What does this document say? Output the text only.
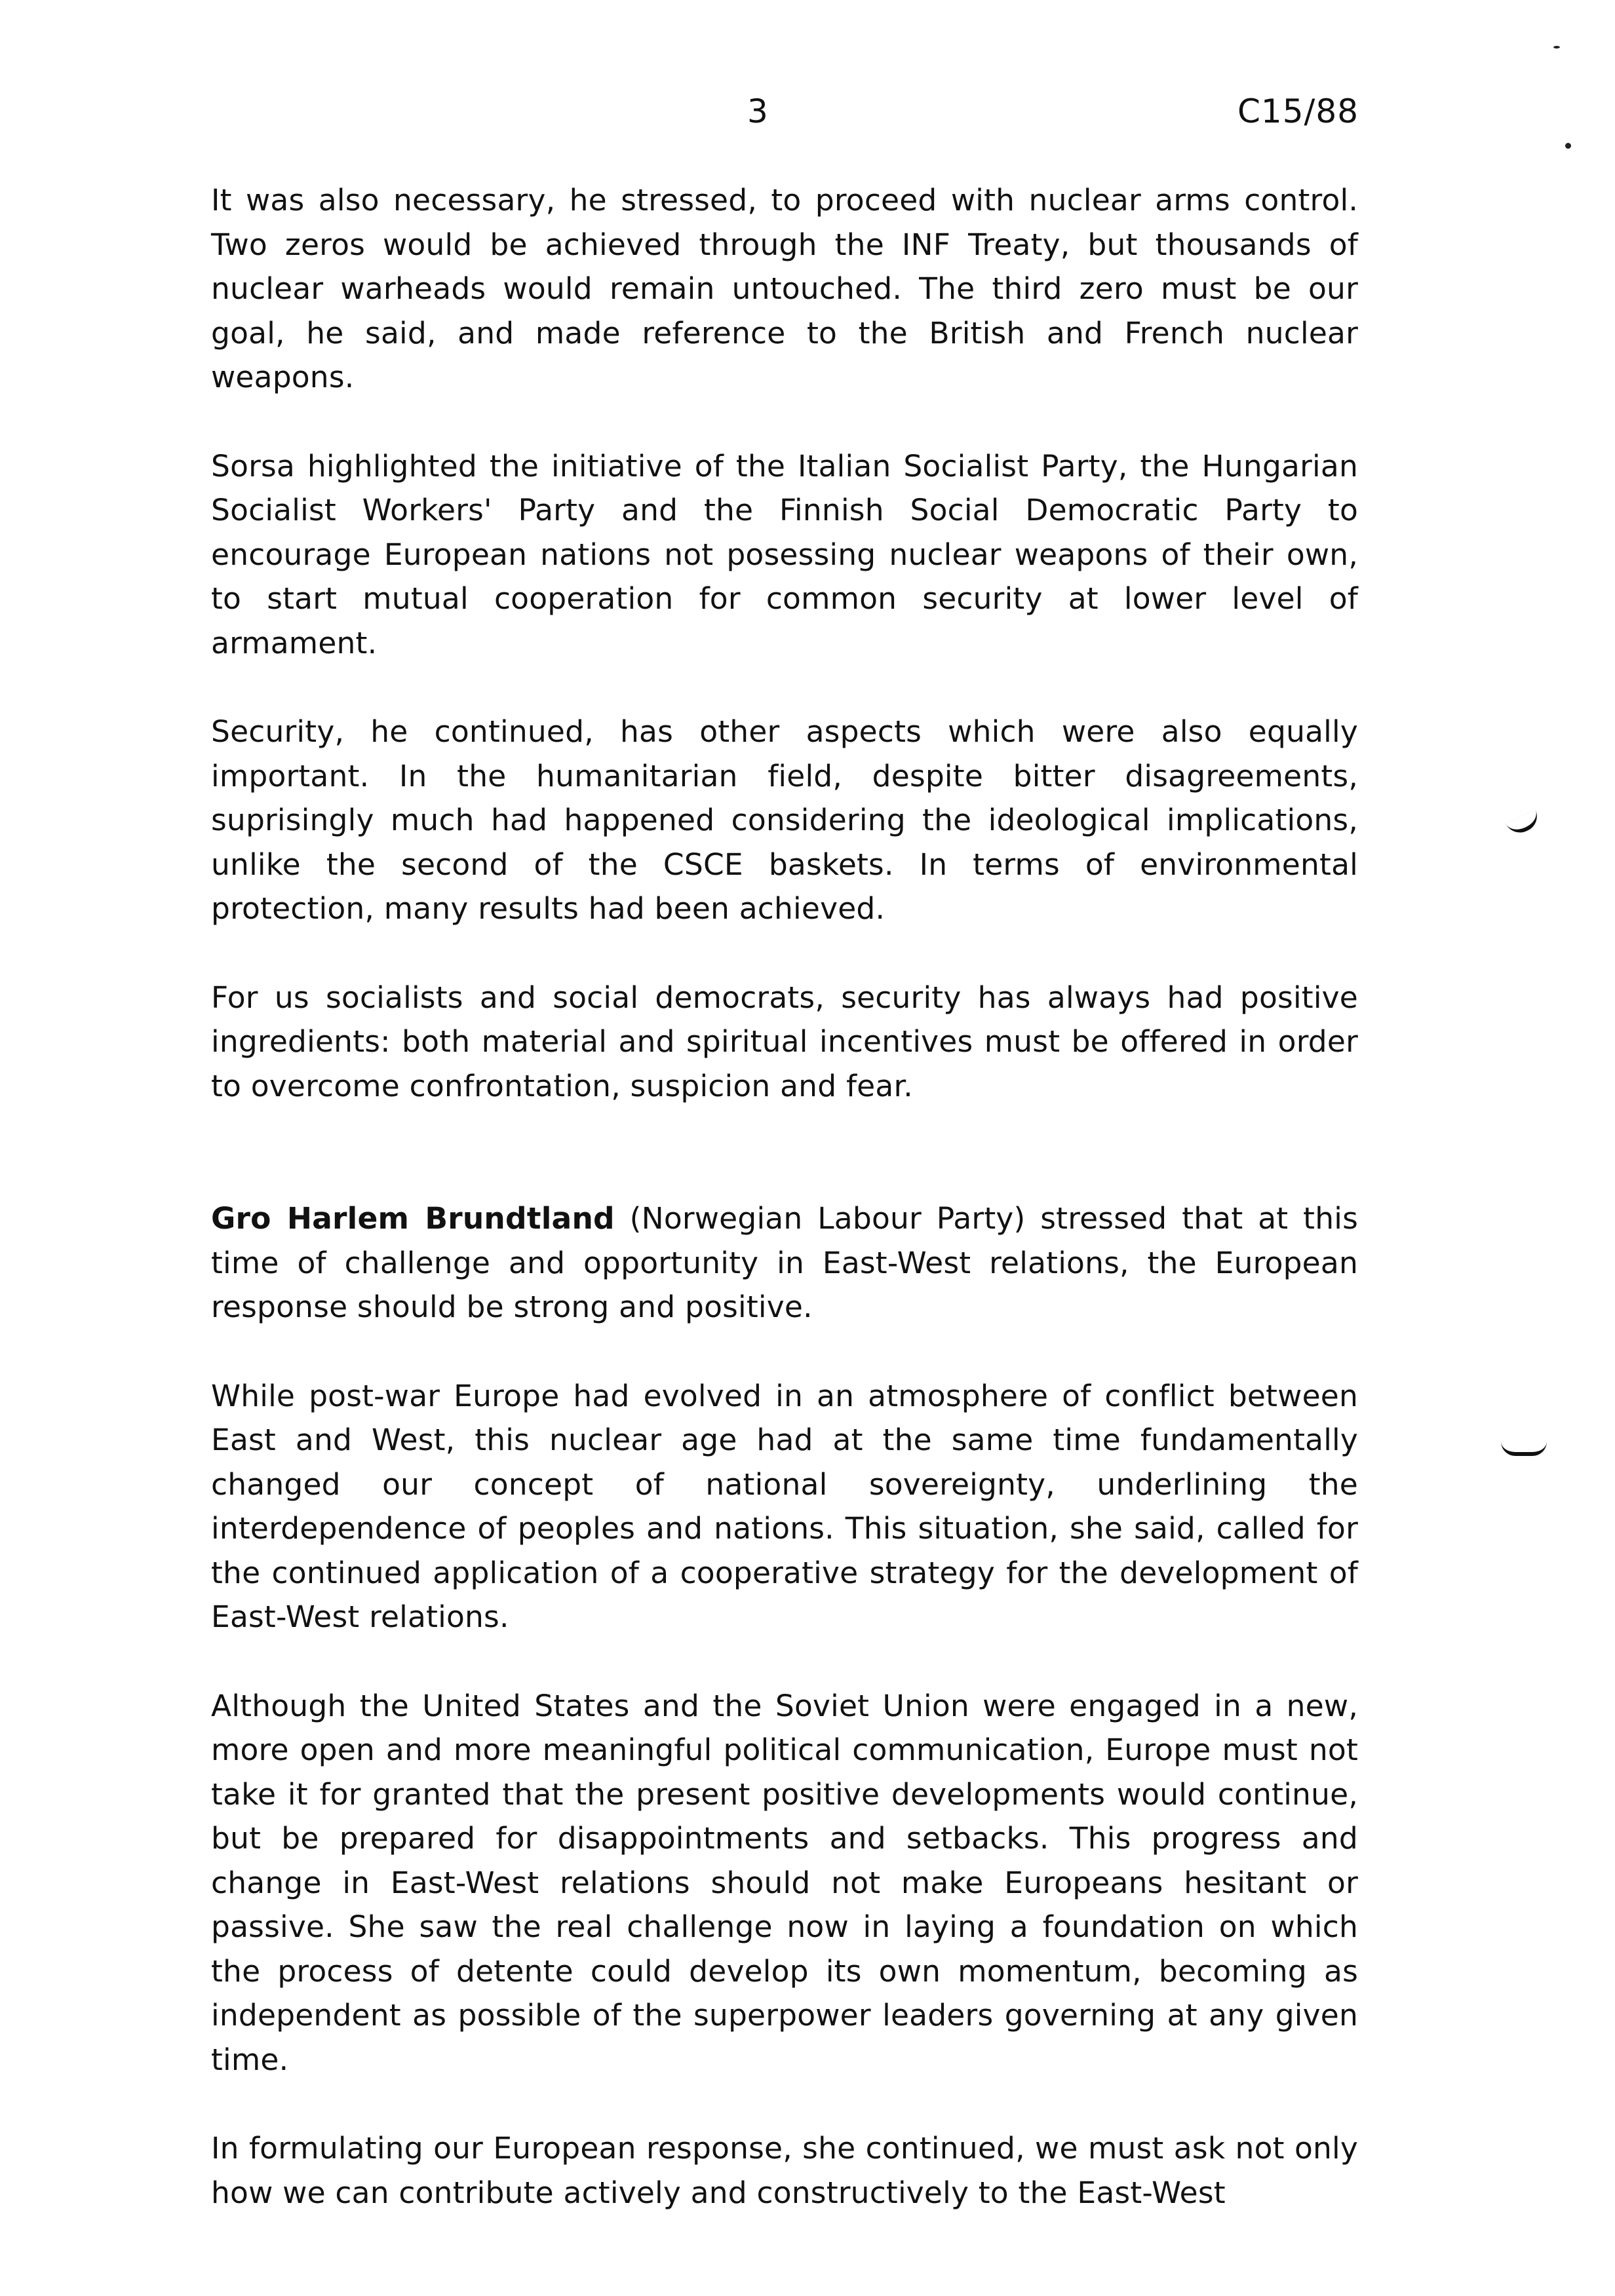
3	C15/88

It was also necessary, he stressed, to proceed with nuclear arms control. Two zeros would be achieved through the INF Treaty, but thousands of nuclear warheads would remain untouched. The third zero must be our goal, he said, and made reference to the British and French nuclear weapons.

Sorsa highlighted the initiative of the Italian Socialist Party, the Hungarian Socialist Workers' Party and the Finnish Social Democratic Party to encourage European nations not posessing nuclear weapons of their own, to start mutual cooperation for common security at lower level of armament.

Security, he continued, has other aspects which were also equally important. In the humanitarian field, despite bitter disagreements, suprisingly much had happened considering the ideological implications, unlike the second of the CSCE baskets. In terms of environmental protection, many results had been achieved.

For us socialists and social democrats, security has always had positive ingredients: both material and spiritual incentives must be offered in order to overcome confrontation, suspicion and fear.

Gro Harlem Brundtland (Norwegian Labour Party) stressed that at this time of challenge and opportunity in East-West relations, the European response should be strong and positive.

While post-war Europe had evolved in an atmosphere of conflict between East and West, this nuclear age had at the same time fundamentally changed our concept of national sovereignty, underlining the interdependence of peoples and nations. This situation, she said, called for the continued application of a cooperative strategy for the development of East-West relations.

Although the United States and the Soviet Union were engaged in a new, more open and more meaningful political communication, Europe must not take it for granted that the present positive developments would continue, but be prepared for disappointments and setbacks. This progress and change in East-West relations should not make Europeans hesitant or passive. She saw the real challenge now in laying a foundation on which the process of detente could develop its own momentum, becoming as independent as possible of the superpower leaders governing at any given time.

In formulating our European response, she continued, we must ask not only how we can contribute actively and constructively to the East-West
